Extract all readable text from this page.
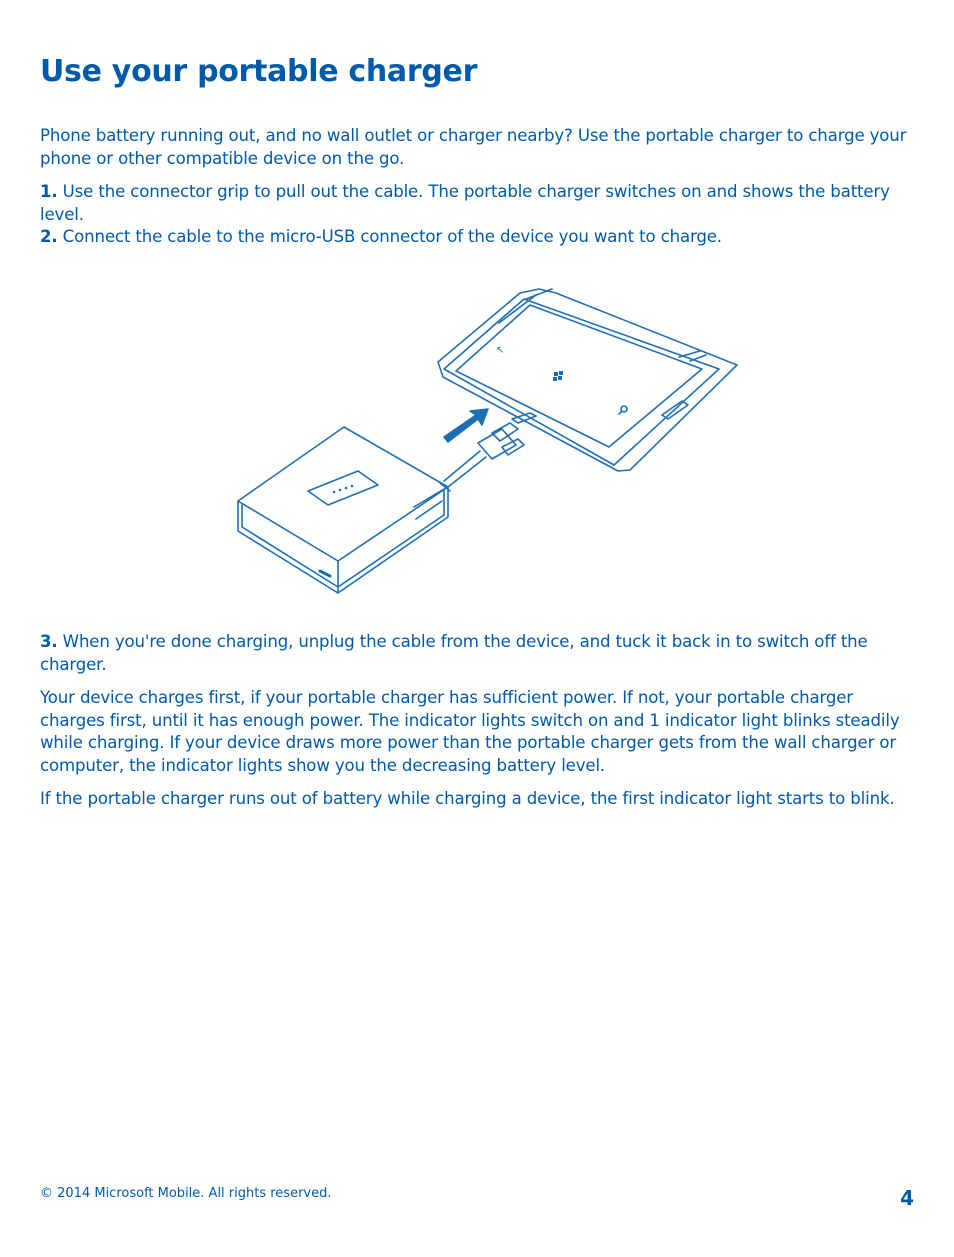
Use your portable charger

Phone battery running out, and no wall outlet or charger nearby? Use the portable charger to charge your phone or other compatible device on the go.

1. Use the connector grip to pull out the cable. The portable charger switches on and shows the battery level.

2. Connect the cable to the micro-USB connector of the device you want to charge.

↖

3. When you're done charging, unplug the cable from the device, and tuck it back in to switch off the charger.

Your device charges first, if your portable charger has sufficient power. If not, your portable charger charges first, until it has enough power. The indicator lights switch on and 1 indicator light blinks steadily while charging. If your device draws more power than the portable charger gets from the wall charger or computer, the indicator lights show you the decreasing battery level.

If the portable charger runs out of battery while charging a device, the first indicator light starts to blink.

© 2014 Microsoft Mobile. All rights reserved.	4
